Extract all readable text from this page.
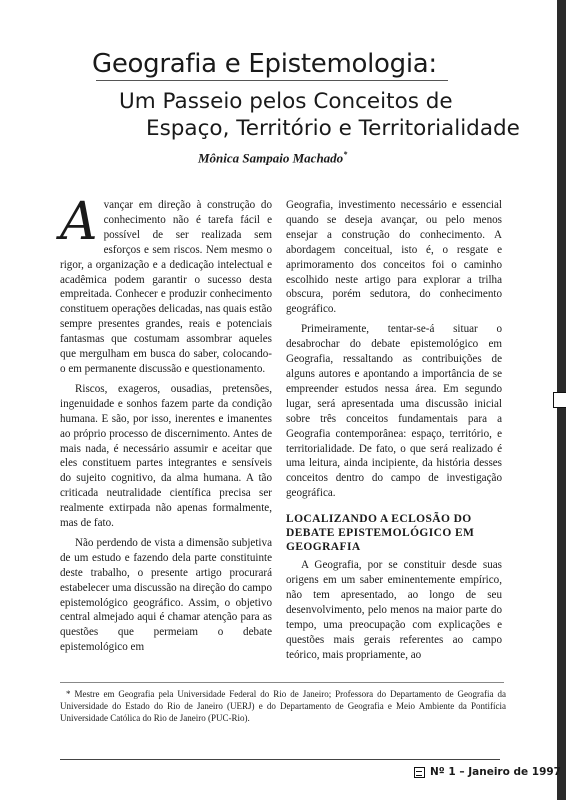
Geografia e Epistemologia:
Um Passeio pelos Conceitos de
Espaço, Território e Territorialidade
Mônica Sampaio Machado*

Avançar em direção à construção do conhecimento não é tarefa fácil e possível de ser realizada sem esforços e sem riscos. Nem mesmo o rigor, a organização e a dedicação intelectual e acadêmica podem garantir o sucesso desta empreitada. Conhecer e produzir conhecimento constituem operações delicadas, nas quais estão sempre presentes grandes, reais e potenciais fantasmas que costumam assombrar aqueles que mergulham em busca do saber, colocando-o em permanente discussão e questionamento.

Riscos, exageros, ousadias, pretensões, ingenuidade e sonhos fazem parte da condição humana. E são, por isso, inerentes e imanentes ao próprio processo de discernimento. Antes de mais nada, é necessário assumir e aceitar que eles constituem partes integrantes e sensíveis do sujeito cognitivo, da alma humana. A tão criticada neutralidade científica precisa ser realmente extirpada não apenas formalmente, mas de fato.

Não perdendo de vista a dimensão subjetiva de um estudo e fazendo dela parte constituinte deste trabalho, o presente artigo procurará estabelecer uma discussão na direção do campo epistemológico geográfico. Assim, o objetivo central almejado aqui é chamar atenção para as questões que permeiam o debate epistemológico em

Geografia, investimento necessário e essencial quando se deseja avançar, ou pelo menos ensejar a construção do conhecimento. A abordagem conceitual, isto é, o resgate e aprimoramento dos conceitos foi o caminho escolhido neste artigo para explorar a trilha obscura, porém sedutora, do conhecimento geográfico.

Primeiramente, tentar-se-á situar o desabrochar do debate epistemológico em Geografia, ressaltando as contribuições de alguns autores e apontando a importância de se empreender estudos nessa área. Em segundo lugar, será apresentada uma discussão inicial sobre três conceitos fundamentais para a Geografia contemporânea: espaço, território, e territorialidade. De fato, o que será realizado é uma leitura, ainda incipiente, da história desses conceitos dentro do campo de investigação geográfica.

LOCALIZANDO A ECLOSÃO DO DEBATE EPISTEMOLÓGICO EM GEOGRAFIA

A Geografia, por se constituir desde suas origens em um saber eminentemente empírico, não tem apresentado, ao longo de seu desenvolvimento, pelo menos na maior parte do tempo, uma preocupação com explicações e questões mais gerais referentes ao campo teórico, mais propriamente, ao

* Mestre em Geografia pela Universidade Federal do Rio de Janeiro; Professora do Departamento de Geografia da Universidade do Estado do Rio de Janeiro (UERJ) e do Departamento de Geografia e Meio Ambiente da Pontifícia Universidade Católica do Rio de Janeiro (PUC-Rio).
Nº 1 – Janeiro de 1997
